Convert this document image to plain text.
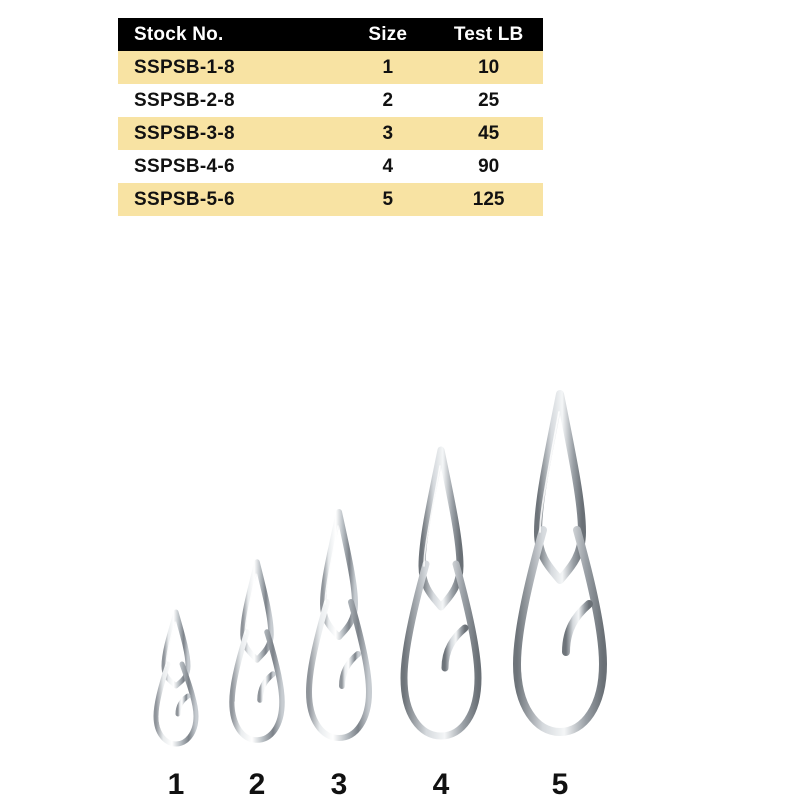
Stock No.	Size	Test LB
SSPSB-1-8	1	10
SSPSB-2-8	2	25
SSPSB-3-8	3	45
SSPSB-4-6	4	90
SSPSB-5-6	5	125
1	2	3	4	5
